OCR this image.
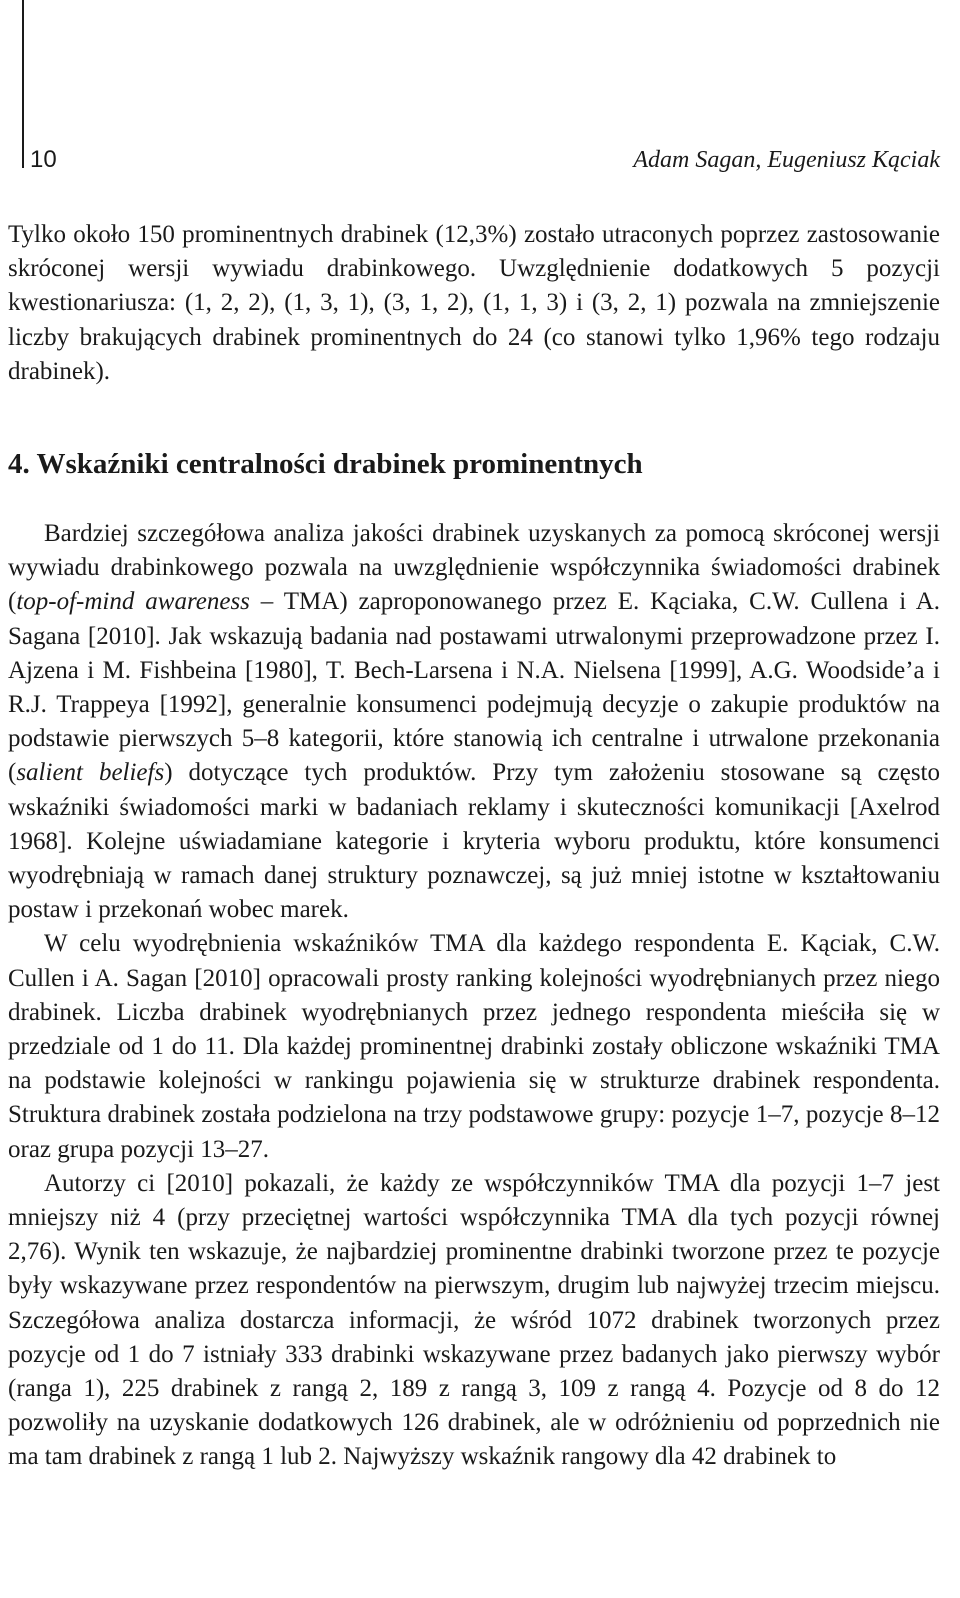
10	Adam Sagan, Eugeniusz Kąciak

Tylko około 150 prominentnych drabinek (12,3%) zostało utraconych poprzez zastosowanie skróconej wersji wywiadu drabinkowego. Uwzględnienie dodatkowych 5 pozycji kwestionariusza: (1, 2, 2), (1, 3, 1), (3, 1, 2), (1, 1, 3) i (3, 2, 1) pozwala na zmniejszenie liczby brakujących drabinek prominentnych do 24 (co stanowi tylko 1,96% tego rodzaju drabinek).

4. Wskaźniki centralności drabinek prominentnych

Bardziej szczegółowa analiza jakości drabinek uzyskanych za pomocą skróconej wersji wywiadu drabinkowego pozwala na uwzględnienie współczynnika świadomości drabinek (top-of-mind awareness – TMA) zaproponowanego przez E. Kąciaka, C.W. Cullena i A. Sagana [2010]. Jak wskazują badania nad postawami utrwalonymi przeprowadzone przez I. Ajzena i M. Fishbeina [1980], T. Bech-Larsena i N.A. Nielsena [1999], A.G. Woodside’a i R.J. Trappeya [1992], generalnie konsumenci podejmują decyzje o zakupie produktów na podstawie pierwszych 5–8 kategorii, które stanowią ich centralne i utrwalone przekonania (salient beliefs) dotyczące tych produktów. Przy tym założeniu stosowane są często wskaźniki świadomości marki w badaniach reklamy i skuteczności komunikacji [Axelrod 1968]. Kolejne uświadamiane kategorie i kryteria wyboru produktu, które konsumenci wyodrębniają w ramach danej struktury poznawczej, są już mniej istotne w kształtowaniu postaw i przekonań wobec marek.

W celu wyodrębnienia wskaźników TMA dla każdego respondenta E. Kąciak, C.W. Cullen i A. Sagan [2010] opracowali prosty ranking kolejności wyodrębnianych przez niego drabinek. Liczba drabinek wyodrębnianych przez jednego respondenta mieściła się w przedziale od 1 do 11. Dla każdej prominentnej drabinki zostały obliczone wskaźniki TMA na podstawie kolejności w rankingu pojawienia się w strukturze drabinek respondenta. Struktura drabinek została podzielona na trzy podstawowe grupy: pozycje 1–7, pozycje 8–12 oraz grupa pozycji 13–27.

Autorzy ci [2010] pokazali, że każdy ze współczynników TMA dla pozycji 1–7 jest mniejszy niż 4 (przy przeciętnej wartości współczynnika TMA dla tych pozycji równej 2,76). Wynik ten wskazuje, że najbardziej prominentne drabinki tworzone przez te pozycje były wskazywane przez respondentów na pierwszym, drugim lub najwyżej trzecim miejscu. Szczegółowa analiza dostarcza informacji, że wśród 1072 drabinek tworzonych przez pozycje od 1 do 7 istniały 333 drabinki wskazywane przez badanych jako pierwszy wybór (ranga 1), 225 drabinek z rangą 2, 189 z rangą 3, 109 z rangą 4. Pozycje od 8 do 12 pozwoliły na uzyskanie dodatkowych 126 drabinek, ale w odróżnieniu od poprzednich nie ma tam drabinek z rangą 1 lub 2. Najwyższy wskaźnik rangowy dla 42 drabinek to
